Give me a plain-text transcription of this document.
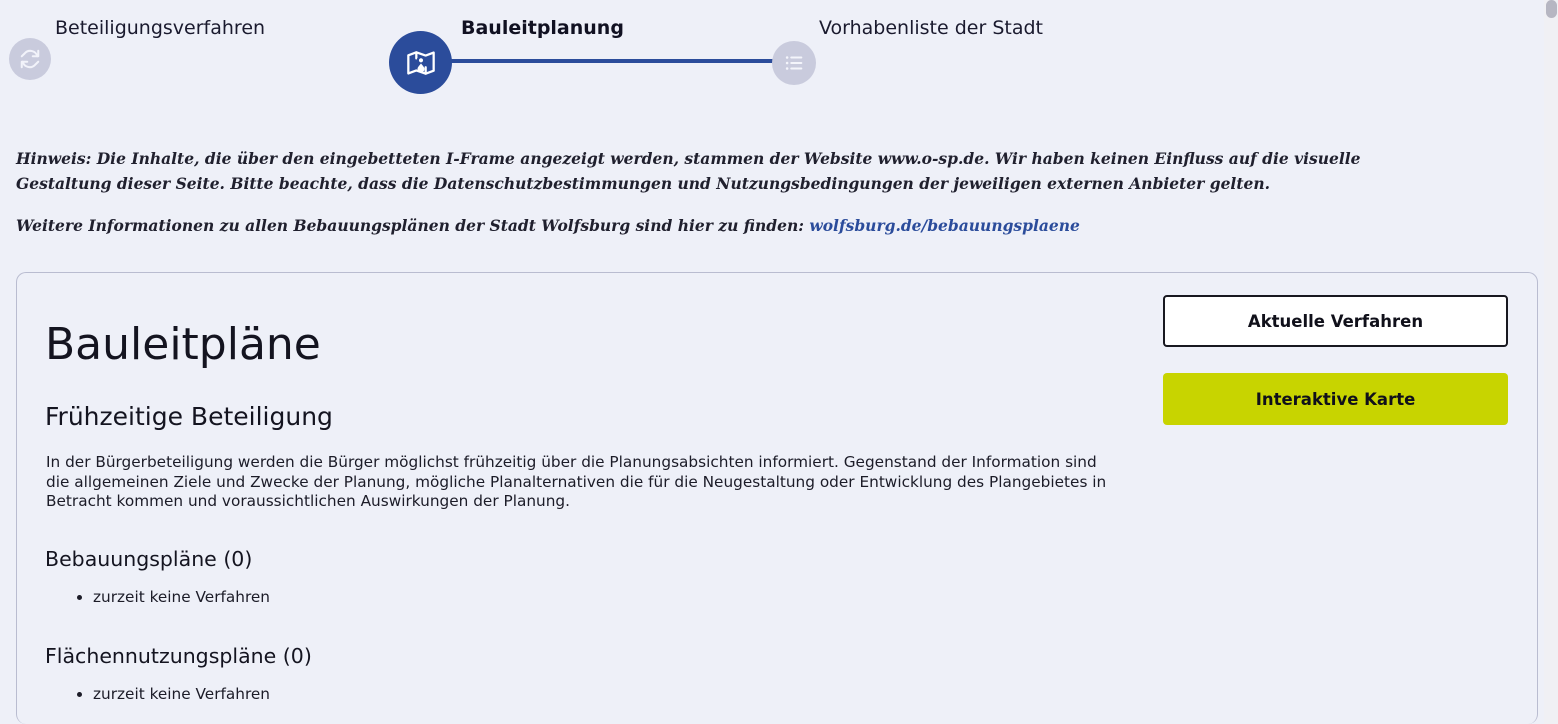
Beteiligungsverfahren	Bauleitplanung	Vorhabenliste der Stadt
Hinweis: Die Inhalte, die über den eingebetteten I-Frame angezeigt werden, stammen der Website www.o-sp.de. Wir haben keinen Einfluss auf die visuelle Gestaltung dieser Seite. Bitte beachte, dass die Datenschutzbestimmungen und Nutzungsbedingungen der jeweiligen externen Anbieter gelten.
Weitere Informationen zu allen Bebauungsplänen der Stadt Wolfsburg sind hier zu finden: wolfsburg.de/bebauungsplaene
Bauleitpläne
Frühzeitige Beteiligung
In der Bürgerbeteiligung werden die Bürger möglichst frühzeitig über die Planungsabsichten informiert. Gegenstand der Information sind die allgemeinen Ziele und Zwecke der Planung, mögliche Planalternativen die für die Neugestaltung oder Entwicklung des Plangebietes in Betracht kommen und voraussichtlichen Auswirkungen der Planung.
Bebauungspläne (0)
• zurzeit keine Verfahren
Flächennutzungspläne (0)
• zurzeit keine Verfahren
Aktuelle Verfahren
Interaktive Karte
